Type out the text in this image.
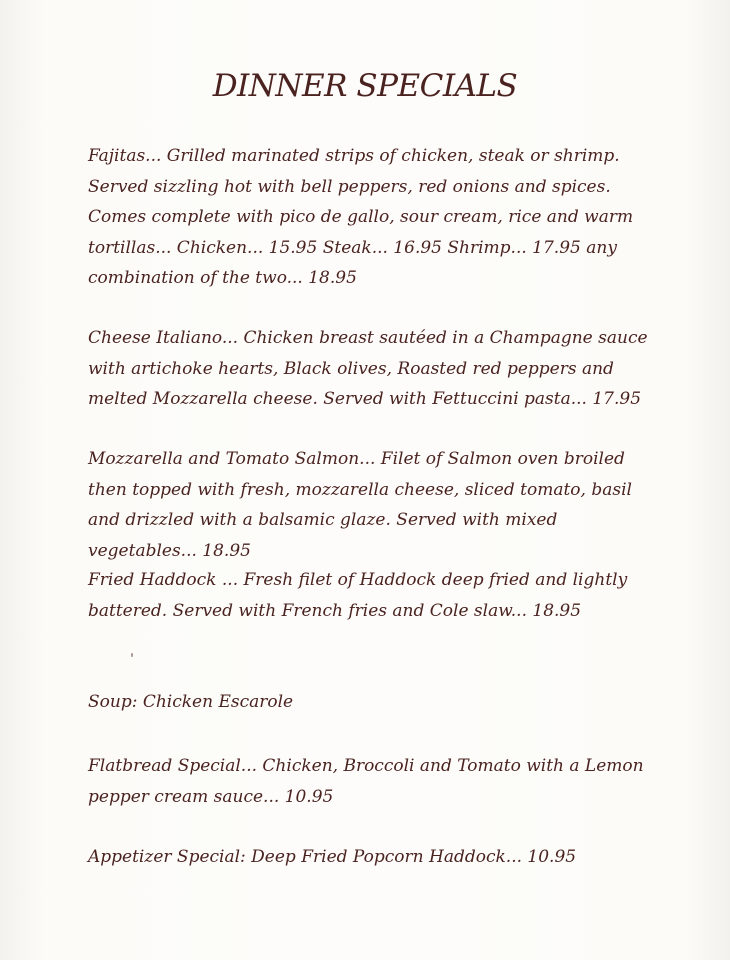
DINNER SPECIALS

Fajitas... Grilled marinated strips of chicken, steak or shrimp. Served sizzling hot with bell peppers, red onions and spices. Comes complete with pico de gallo, sour cream, rice and warm tortillas... Chicken... 15.95 Steak... 16.95 Shrimp... 17.95 any combination of the two... 18.95

Cheese Italiano... Chicken breast sautéed in a Champagne sauce with artichoke hearts, Black olives, Roasted red peppers and melted Mozzarella cheese. Served with Fettuccini pasta... 17.95

Mozzarella and Tomato Salmon... Filet of Salmon oven broiled then topped with fresh, mozzarella cheese, sliced tomato, basil and drizzled with a balsamic glaze. Served with mixed vegetables... 18.95

Fried Haddock ... Fresh filet of Haddock deep fried and lightly battered. Served with French fries and Cole slaw... 18.95

Soup: Chicken Escarole

Flatbread Special... Chicken, Broccoli and Tomato with a Lemon pepper cream sauce... 10.95

Appetizer Special: Deep Fried Popcorn Haddock... 10.95
